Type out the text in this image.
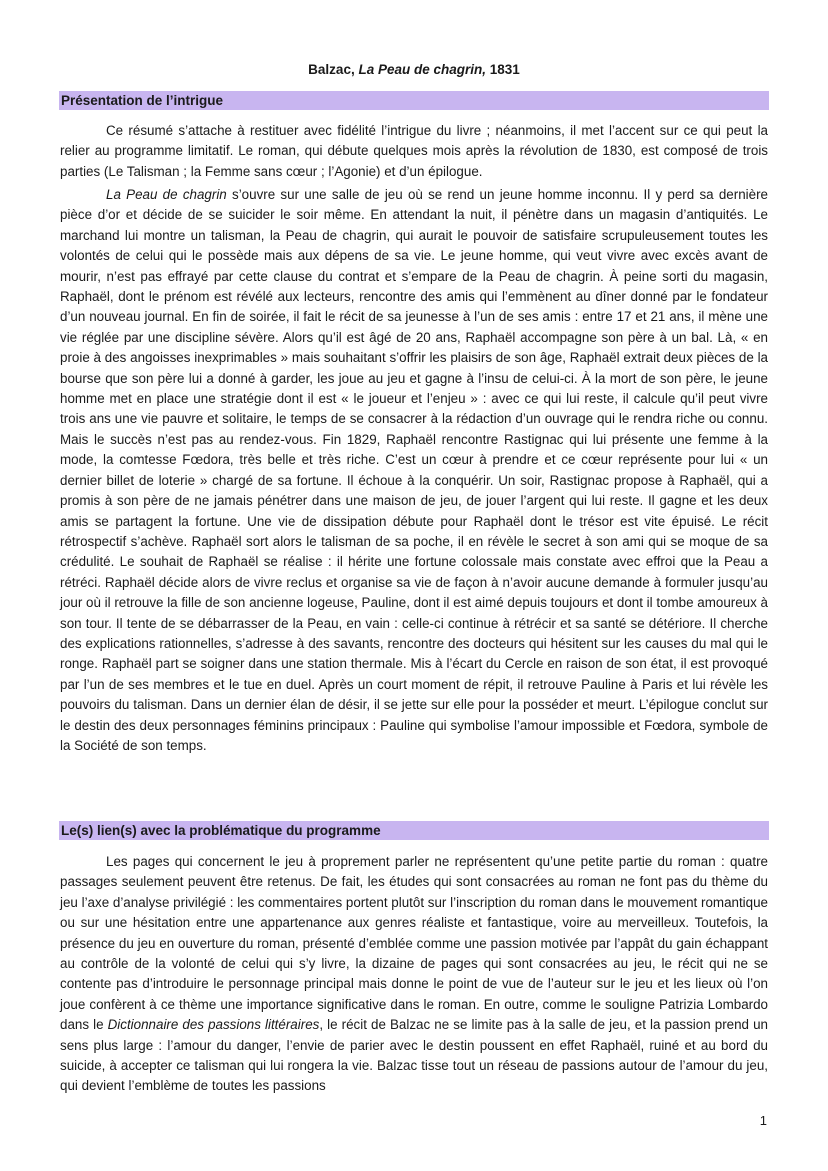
Balzac, La Peau de chagrin, 1831
Présentation de l’intrigue

Ce résumé s’attache à restituer avec fidélité l’intrigue du livre ; néanmoins, il met l’accent sur ce qui peut la relier au programme limitatif. Le roman, qui débute quelques mois après la révolution de 1830, est composé de trois parties (Le Talisman ; la Femme sans cœur ; l’Agonie) et d’un épilogue.

La Peau de chagrin s’ouvre sur une salle de jeu où se rend un jeune homme inconnu. Il y perd sa dernière pièce d’or et décide de se suicider le soir même. En attendant la nuit, il pénètre dans un magasin d’antiquités. Le marchand lui montre un talisman, la Peau de chagrin, qui aurait le pouvoir de satisfaire scrupuleusement toutes les volontés de celui qui le possède mais aux dépens de sa vie. Le jeune homme, qui veut vivre avec excès avant de mourir, n’est pas effrayé par cette clause du contrat et s’empare de la Peau de chagrin. À peine sorti du magasin, Raphaël, dont le prénom est révélé aux lecteurs, rencontre des amis qui l’emmènent au dîner donné par le fondateur d’un nouveau journal. En fin de soirée, il fait le récit de sa jeunesse à l’un de ses amis : entre 17 et 21 ans, il mène une vie réglée par une discipline sévère. Alors qu’il est âgé de 20 ans, Raphaël accompagne son père à un bal. Là, « en proie à des angoisses inexprimables » mais souhaitant s’offrir les plaisirs de son âge, Raphaël extrait deux pièces de la bourse que son père lui a donné à garder, les joue au jeu et gagne à l’insu de celui-ci. À la mort de son père, le jeune homme met en place une stratégie dont il est « le joueur et l’enjeu » : avec ce qui lui reste, il calcule qu’il peut vivre trois ans une vie pauvre et solitaire, le temps de se consacrer à la rédaction d’un ouvrage qui le rendra riche ou connu. Mais le succès n’est pas au rendez-vous. Fin 1829, Raphaël rencontre Rastignac qui lui présente une femme à la mode, la comtesse Fœdora, très belle et très riche. C’est un cœur à prendre et ce cœur représente pour lui « un dernier billet de loterie » chargé de sa fortune. Il échoue à la conquérir. Un soir, Rastignac propose à Raphaël, qui a promis à son père de ne jamais pénétrer dans une maison de jeu, de jouer l’argent qui lui reste. Il gagne et les deux amis se partagent la fortune. Une vie de dissipation débute pour Raphaël dont le trésor est vite épuisé. Le récit rétrospectif s’achève. Raphaël sort alors le talisman de sa poche, il en révèle le secret à son ami qui se moque de sa crédulité. Le souhait de Raphaël se réalise : il hérite une fortune colossale mais constate avec effroi que la Peau a rétréci. Raphaël décide alors de vivre reclus et organise sa vie de façon à n’avoir aucune demande à formuler jusqu’au jour où il retrouve la fille de son ancienne logeuse, Pauline, dont il est aimé depuis toujours et dont il tombe amoureux à son tour. Il tente de se débarrasser de la Peau, en vain : celle-ci continue à rétrécir et sa santé se détériore. Il cherche des explications rationnelles, s’adresse à des savants, rencontre des docteurs qui hésitent sur les causes du mal qui le ronge. Raphaël part se soigner dans une station thermale. Mis à l’écart du Cercle en raison de son état, il est provoqué par l’un de ses membres et le tue en duel. Après un court moment de répit, il retrouve Pauline à Paris et lui révèle les pouvoirs du talisman. Dans un dernier élan de désir, il se jette sur elle pour la posséder et meurt. L’épilogue conclut sur le destin des deux personnages féminins principaux : Pauline qui symbolise l’amour impossible et Fœdora, symbole de la Société de son temps.

Le(s) lien(s) avec la problématique du programme

Les pages qui concernent le jeu à proprement parler ne représentent qu’une petite partie du roman : quatre passages seulement peuvent être retenus. De fait, les études qui sont consacrées au roman ne font pas du thème du jeu l’axe d’analyse privilégié : les commentaires portent plutôt sur l’inscription du roman dans le mouvement romantique ou sur une hésitation entre une appartenance aux genres réaliste et fantastique, voire au merveilleux. Toutefois, la présence du jeu en ouverture du roman, présenté d’emblée comme une passion motivée par l’appât du gain échappant au contrôle de la volonté de celui qui s’y livre, la dizaine de pages qui sont consacrées au jeu, le récit qui ne se contente pas d’introduire le personnage principal mais donne le point de vue de l’auteur sur le jeu et les lieux où l’on joue confèrent à ce thème une importance significative dans le roman. En outre, comme le souligne Patrizia Lombardo dans le Dictionnaire des passions littéraires, le récit de Balzac ne se limite pas à la salle de jeu, et la passion prend un sens plus large : l’amour du danger, l’envie de parier avec le destin poussent en effet Raphaël, ruiné et au bord du suicide, à accepter ce talisman qui lui rongera la vie. Balzac tisse tout un réseau de passions autour de l’amour du jeu, qui devient l’emblème de toutes les passions

1
